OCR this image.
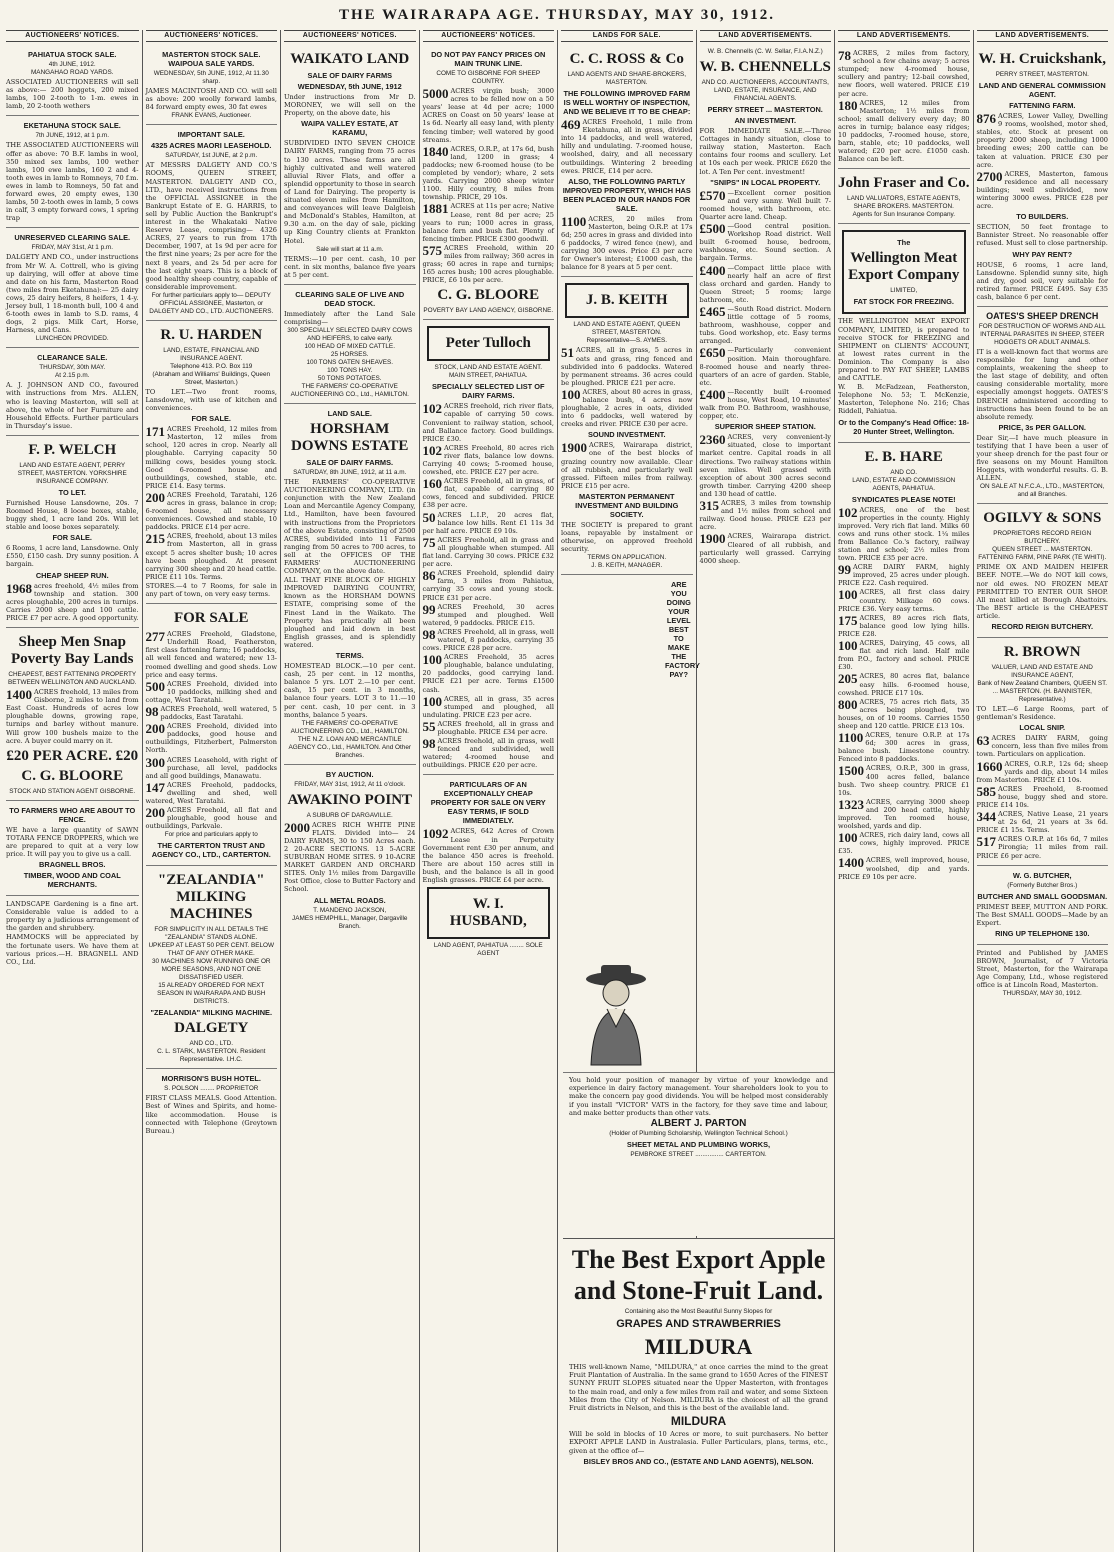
THE WAIRARAPA AGE. THURSDAY, MAY 30, 1912.
AUCTIONEERS' NOTICES.
PAHIATUA STOCK SALE.
4th JUNE, 1912.
MANGAHAO ROAD YARDS.
ASSOCIATED AUCTIONEERS will sell as above:— 200 hoggets, 200 mixed lambs, 100 2-tooth to 1-m. ewes in lamb, 20 2-tooth wethers
EKETAHUNA STOCK SALE.
7th JUNE, 1912, at 1 p.m.
THE ASSOCIATED AUCTIONEERS will offer as above: 70 B.F. lambs in wool, 350 mixed sex lambs, 100 wether lambs, 100 ewe lambs, 160 2 and 4-tooth ewes in lamb to Romneys, 70 f.m. ewes in lamb to Romneys, 50 fat and forward ewes, 20 empty ewes, 130 lambs, 50 2-tooth ewes in lamb, 5 cows in calf, 3 empty forward cows, 1 spring trap
UNRESERVED CLEARING SALE.
FRIDAY, MAY 31st, At 1 p.m.
DALGETY AND CO., under instructions from Mr W. A. Cottrell, who is giving up dairying, will offer at above time and date on his farm, Masterton Road (two miles from Eketahuna):— 25 dairy cows, 25 dairy heifers, 8 heifers, 1 4-y. Jersey bull, 1 18-month bull, 100 4 and 6-tooth ewes in lamb to S.D. rams, 4 dogs, 2 pigs. Milk Cart, Horse, Harness, and Cans.
LUNCHEON PROVIDED.
CLEARANCE SALE.
THURSDAY, 30th MAY.
At 2.15 p.m.
A. J. JOHNSON AND CO., favoured with instructions from Mrs. ALLEN, who is leaving Masterton, will sell at above, the whole of her Furniture and Household Effects. Further particulars in Thursday's issue.
F. P. WELCH
LAND AND ESTATE AGENT, PERRY STREET, MASTERTON. YORKSHIRE INSURANCE COMPANY.
TO LET.
Furnished House Lansdowne, 20s. 7 Roomed House, 8 loose boxes, stable, buggy shed, 1 acre land 20s. Will let stable and loose boxes separately.
FOR SALE.
6 Rooms, 1 acre land, Lansdowne. Only £550, £150 cash. Dry sunny position. A bargain.
CHEAP SHEEP RUN.
1968 acres freehold, 4½ miles from township and station. 300 acres ploughable, 200 acres in turnips. Carries 2000 sheep and 100 cattle. PRICE £7 per acre. A good opportunity.
Sheep Men Snap Poverty Bay Lands
CHEAPEST, BEST FATTENING PROPERTY BETWEEN WELLINGTON AND AUCKLAND.
1400 ACRES freehold, 13 miles from Gisborne, 2 miles to land from East Coast. Hundreds of acres low ploughable downs, growing rape, turnips and barley without manure. Will grow 100 bushels maize to the acre. A buyer could marry on it.
£20 PER ACRE. £20
C. G. BLOORE
STOCK AND STATION AGENT GISBORNE.
TO FARMERS WHO ARE ABOUT TO FENCE.
WE have a large quantity of SAWN TOTARA FENCE DROPPERS, which we are prepared to quit at a very low price. It will pay you to give us a call.
BRAGNELL BROS.
TIMBER, WOOD AND COAL MERCHANTS.
LANDSCAPE Gardening is a fine art. Considerable value is added to a property by a judicious arrangement of the garden and shrubbery.
HAMMOCKS will be appreciated by the fortunate users. We have them at various prices.—H. BRAGNELL AND CO., Ltd.
AUCTIONEERS' NOTICES.
MASTERTON STOCK SALE. WAIPOUA SALE YARDS.
WEDNESDAY, 5th JUNE, 1912, At 11.30 sharp.
JAMES MACINTOSH AND CO. will sell as above: 200 woolly forward lambs, 84 forward empty ewes, 30 fat ewes
FRANK EVANS, Auctioneer.
IMPORTANT SALE.
4325 ACRES MAORI LEASEHOLD.
SATURDAY, 1st JUNE, at 2 p.m.
AT MESSRS DALGETY AND CO.'S ROOMS, QUEEN STREET, MASTERTON. DALGETY AND CO., LTD., have received instructions from the OFFICIAL ASSIGNEE in the Bankrupt Estate of E. G. HARRIS, to sell by Public Auction the Bankrupt's interest in the Whakataki Native Reserve Lease, comprising— 4326 ACRES, 27 years to run from 17th December, 1907, at 1s 9d per acre for the first nine years; 2s per acre for the next 8 years, and 2s 5d per acre for the last eight years. This is a block of good healthy sheep country, capable of considerable improvement.
For further particulars apply to— DEPUTY OFFICIAL ASSIGNEE, Masterton, or DALGETY AND CO., LTD. AUCTIONEERS.
R. U. HARDEN
LAND, ESTATE, FINANCIAL AND INSURANCE AGENT.
Telephone 413. P.O. Box 119
(Abraham and Williams' Buildings, Queen Street, Masterton.)
TO LET.—Two front rooms, Lansdowne, with use of kitchen and conveniences.
FOR SALE.
171 ACRES Freehold, 12 miles from Masterton, 12 miles from school, 120 acres in crop. Nearly all ploughable. Carrying capacity 50 milking cows, besides young stock. Good 6-roomed house and outbuildings, cowshed, stable, etc. PRICE £14. Easy terms.
200 ACRES Freehold, Taratahi, 126 acres in grass, balance in crop; 6-roomed house, all necessary conveniences. Cowshed and stable, 10 paddocks. PRICE £14 per acre.
215 ACRES, freehold, about 13 miles from Masterton, all in grass except 5 acres shelter bush; 10 acres have been ploughed. At present carrying 300 sheep and 20 head cattle. PRICE £11 10s. Terms.
STORES.—4 to 7 Rooms, for sale in any part of town, on very easy terms.
FOR SALE
277 ACRES Freehold, Gladstone, Underhill Road, Featherston, first class fattening farm; 16 paddocks, all well fenced and watered; new 13-roomed dwelling and good sheds. Low price and easy terms.
500 ACRES Freehold, divided into 10 paddocks, milking shed and cottage, West Taratahi.
98 ACRES Freehold, well watered, 5 paddocks, East Taratahi.
200 ACRES Freehold, divided into paddocks, good house and outbuildings, Fitzherbert, Palmerston North.
300 ACRES Leasehold, with right of purchase, all level, paddocks and all good buildings, Manawatu.
147 ACRES Freehold, paddocks, dwelling and shed, well watered, West Taratahi.
200 ACRES Freehold, all flat and ploughable, good house and outbuildings, Parkvale.
For price and particulars apply to
THE CARTERTON TRUST AND AGENCY CO., LTD., CARTERTON.
"ZEALANDIA" MILKING MACHINES
FOR SIMPLICITY IN ALL DETAILS THE "ZEALANDIA" STANDS ALONE.
UPKEEP AT LEAST 50 PER CENT. BELOW THAT OF ANY OTHER MAKE.
30 MACHINES NOW RUNNING ONE OR MORE SEASONS, AND NOT ONE DISSATISFIED USER.
15 ALREADY ORDERED FOR NEXT SEASON IN WAIRARAPA AND BUSH DISTRICTS.
"ZEALANDIA" MILKING MACHINE.
DALGETY
AND CO., LTD.
C. L. STARK, MASTERTON. Resident Representative. I.H.C.
MORRISON'S BUSH HOTEL.
S. POLSON ........ PROPRIETOR
FIRST CLASS MEALS. Good Attention. Best of Wines and Spirits, and home-like accommodation. House is connected with Telephone (Greytown Bureau.)
AUCTIONEERS' NOTICES.
WAIKATO LAND
SALE OF DAIRY FARMS
WEDNESDAY, 5th JUNE, 1912
Under instructions from Mr D. MORONEY, we will sell on the Property, on the above date, his
WAIPA VALLEY ESTATE, AT KARAMU,
SUBDIVIDED INTO SEVEN CHOICE DAIRY FARMS, ranging from 75 acres to 130 acres. These farms are all highly cultivated and well watered alluvial River Flats, and offer a splendid opportunity to those in search of Land for Dairying. The property is situated eleven miles from Hamilton, and conveyances will leave Dalgleish and McDonald's Stables, Hamilton, at 9.30 a.m. on the day of sale, picking up King Country clients at Frankton Hotel.
Sale will start at 11 a.m.
TERMS:—10 per cent. cash, 10 per cent. in six months, balance five years at 5 per cent.
CLEARING SALE OF LIVE AND DEAD STOCK.
Immediately after the Land Sale comprising—
300 SPECIALLY SELECTED DAIRY COWS AND HEIFERS, to calve early.
100 HEAD OF MIXED CATTLE.
25 HORSES.
100 TONS OATEN SHEAVES.
100 TONS HAY.
50 TONS POTATOES.
THE FARMERS' CO-OPERATIVE AUCTIONEERING CO., Ltd., HAMILTON.
LAND SALE.
HORSHAM DOWNS ESTATE
SALE OF DAIRY FARMS.
SATURDAY, 8th JUNE, 1912, at 11 a.m.
THE FARMERS' CO-OPERATIVE AUCTIONEERING COMPANY, LTD. (in conjunction with the New Zealand Loan and Mercantile Agency Company, Ltd., Hamilton, have been favoured with instructions from the Proprietors of the above Estate, consisting of 2500 ACRES, subdivided into 11 Farms ranging from 50 acres to 700 acres, to sell at the OFFICES OF THE FARMERS' AUCTIONEERING COMPANY, on the above date.
ALL THAT FINE BLOCK OF HIGHLY IMPROVED DAIRYING COUNTRY, known as the HORSHAM DOWNS ESTATE, comprising some of the Finest Land in the Waikato. The Property has practically all been ploughed and laid down in best English grasses, and is splendidly watered.
TERMS.
HOMESTEAD BLOCK.—10 per cent. cash, 25 per cent. in 12 months, balance 5 yrs. LOT 2.—10 per cent. cash, 15 per cent. in 3 months, balance four years. LOT 3 to 11.—10 per cent. cash, 10 per cent. in 3 months, balance 5 years.
THE FARMERS' CO-OPERATIVE AUCTIONEERING CO., Ltd., HAMILTON. THE N.Z. LOAN AND MERCANTILE AGENCY CO., Ltd., HAMILTON. And Other Branches.
BY AUCTION.
FRIDAY, MAY 31st, 1912, At 11 o'clock.
AWAKINO POINT
A SUBURB OF DARGAVILLE.
2000 ACRES RICH WHITE PINE FLATS. Divided into— 24 DAIRY FARMS, 30 to 150 Acres each. 2 20-ACRE SECTIONS. 13 5-ACRE SUBURBAN HOME SITES. 9 10-ACRE MARKET GARDEN AND ORCHARD SITES. Only 1½ miles from Dargaville Post Office, close to Butter Factory and School.
ALL METAL ROADS.
T. MANDENO JACKSON,
JAMES HEMPHILL, Manager, Dargaville Branch.
AUCTIONEERS' NOTICES.
DO NOT PAY FANCY PRICES ON MAIN TRUNK LINE.
COME TO GISBORNE FOR SHEEP COUNTRY.
5000 ACRES virgin bush; 3000 acres to be felled now on a 50 years' lease at 4d per acre; 1000 ACRES on Coast on 50 years' lease at 1s 6d. Nearly all easy land, with plenty fencing timber; well watered by good streams.
1840 ACRES, O.R.P., at 17s 6d, bush land, 1200 in grass; 4 paddocks; new 6-roomed house (to be completed by vendor); whare, 2 sets yards. Carrying 2000 sheep winter 1100. Hilly country, 8 miles from township. PRICE, 29 10s.
1881 ACRES at 11s per acre; Native Lease, rent 8d per acre; 25 years to run; 1000 acres in grass, balance fern and bush flat. Plenty of fencing timber. PRICE £300 goodwill.
575 ACRES Freehold, within 20 miles from railway; 360 acres in grass; 60 acres in rape and turnips; 165 acres bush; 100 acres ploughable. PRICE, £6 10s per acre.
C. G. BLOORE
POVERTY BAY LAND AGENCY, GISBORNE.
Peter Tulloch
STOCK, LAND AND ESTATE AGENT.
MAIN STREET, PAHIATUA.
SPECIALLY SELECTED LIST OF DAIRY FARMS.
102 ACRES freehold, rich river flats, capable of carrying 50 cows. Convenient to railway station, school, and Ballance factory. Good buildings. PRICE £30.
102 ACRES Freehold, 80 acres rich river flats, balance low downs. Carrying 40 cows; 5-roomed house, cowshed, etc. PRICE £27 per acre.
160 ACRES Freehold, all in grass, of flat, capable of carrying 80 cows, fenced and subdivided. PRICE £38 per acre.
50 ACRES L.I.P., 20 acres flat, balance low hills. Rent £1 11s 3d per half acre. PRICE £9 10s.
75 ACRES Freehold, all in grass and all ploughable when stumped. All flat land. Carrying 30 cows. PRICE £32 per acre.
86 ACRES Freehold, splendid dairy farm, 3 miles from Pahiatua, carrying 35 cows and young stock. PRICE £31 per acre.
99 ACRES Freehold, 30 acres stumped and ploughed. Well watered, 9 paddocks. PRICE £15.
98 ACRES Freehold, all in grass, well watered, 8 paddocks, carrying 35 cows. PRICE £28 per acre.
100 ACRES Freehold, 35 acres ploughable, balance undulating, 20 paddocks, good carrying land. PRICE £21 per acre. Terms £1500 cash.
100 ACRES, all in grass, 35 acres stumped and ploughed, all undulating. PRICE £23 per acre.
55 ACRES freehold, all in grass and ploughable. PRICE £34 per acre.
98 ACRES freehold, all in grass, well fenced and subdivided, well watered; 4-roomed house and outbuildings. PRICE £20 per acre.
PARTICULARS OF AN EXCEPTIONALLY CHEAP PROPERTY FOR SALE ON VERY EASY TERMS, IF SOLD IMMEDIATELY.
1092 ACRES, 642 Acres of Crown Lease in Perpetuity Government rent £30 per annum, and the balance 450 acres is freehold. There are about 150 acres still in bush, and the balance is all in good English grasses. PRICE £4 per acre.
W. I. HUSBAND,
LAND AGENT, PAHIATUA ........ SOLE AGENT
LANDS FOR SALE.
C. C. ROSS & Co
LAND AGENTS AND SHARE-BROKERS, MASTERTON.
THE FOLLOWING IMPROVED FARM IS WELL WORTHY OF INSPECTION, AND WE BELIEVE IT TO BE CHEAP:
469 ACRES Freehold, 1 mile from Eketahuna, all in grass, divided into 14 paddocks, and well watered, hilly and undulating. 7-roomed house, woolshed, dairy, and all necessary outbuildings. Wintering 2 breeding ewes. PRICE, £14 per acre.
ALSO, THE FOLLOWING PARTLY IMPROVED PROPERTY, WHICH HAS BEEN PLACED IN OUR HANDS FOR SALE.
1100 ACRES, 20 miles from Masterton, being O.R.P. at 17s 6d; 250 acres in grass and divided into 6 paddocks, 7 wired fence (new), and carrying 300 ewes. Price £3 per acre for Owner's interest; £1000 cash, the balance for 8 years at 5 per cent.
J. B. KEITH
LAND AND ESTATE AGENT, QUEEN STREET, MASTERTON.
Representative—S. AYMES.
51 ACRES, all in grass, 5 acres in oats and grass, ring fenced and subdivided into 6 paddocks. Watered by permanent streams. 36 acres could be ploughed. PRICE £21 per acre.
100 ACRES, about 80 acres in grass, balance bush, 4 acres now ploughable, 2 acres in oats, divided into 6 paddocks, well watered by creeks and river. PRICE £30 per acre.
SOUND INVESTMENT.
1900 ACRES, Wairarapa district, one of the best blocks of grazing country now available. Clear of all rubbish, and particularly well grassed. Fifteen miles from railway. PRICE £15 per acre.
MASTERTON PERMANENT INVESTMENT AND BUILDING SOCIETY.
THE SOCIETY is prepared to grant loans, repayable by instalment or otherwise, on approved freehold security.
TERMS ON APPLICATION.
J. B. KEITH, MANAGER.
ARE YOU DOING YOUR LEVEL BEST TO MAKE THE FACTORY PAY?
LAND ADVERTISEMENTS.
W. B. Chennells (C. W. Sellar, F.I.A.N.Z.)
W. B. CHENNELLS
AND CO. AUCTIONEERS, ACCOUNTANTS, LAND, ESTATE, INSURANCE, AND FINANCIAL AGENTS.
PERRY STREET ... MASTERTON.
AN INVESTMENT.
FOR IMMEDIATE SALE.—Three Cottages in handy situation, close to railway station, Masterton. Each contains four rooms and scullery. Let at 10s each per week. PRICE £620 the lot. A Ten Per cent. investment!
"SNIPS" IN LOCAL PROPERTY.
£570 —Excellent corner position and very sunny. Well built 7-roomed house, with bathroom, etc. Quarter acre land. Cheap.
£500 —Good central position. Workshop Road district. Well built 6-roomed house, bedroom, washhouse, etc. Sound section. A bargain. Terms.
£400 —Compact little place with nearly half an acre of first class orchard and garden. Handy to Queen Street; 5 rooms; large bathroom, etc.
£465 —South Road district. Modern little cottage of 5 rooms, bathroom, washhouse, copper and tubs. Good workshop, etc. Easy terms arranged.
£650 —Particularly convenient position. Main thoroughfare. 8-roomed house and nearly three-quarters of an acre of garden. Stable, etc.
£400 —Recently built 4-roomed house, West Road, 10 minutes' walk from P.O. Bathroom, washhouse, copper, etc.
SUPERIOR SHEEP STATION.
2360 ACRES, very convenient-ly situated, close to important market centre. Capital roads in all directions. Two railway stations within seven miles. Well grassed with exception of about 300 acres second growth timber. Carrying 4200 sheep and 130 head of cattle.
315 ACRES, 3 miles from township and 1½ miles from school and railway. Good house. PRICE £23 per acre.
1900 ACRES, Wairarapa district. Cleared of all rubbish, and particularly well grassed. Carrying 4000 sheep.
LAND ADVERTISEMENTS.
78 ACRES, 2 miles from factory, school a few chains away; 5 acres stumped; new 4-roomed house, scullery and pantry; 12-bail cowshed, new floors, well watered. PRICE £19 per acre.
180 ACRES, 12 miles from Masterton; 1½ miles from school; small delivery every day; 80 acres in turnip; balance easy ridges; 10 paddocks, 7-roomed house, store, barn, stable, etc; 10 paddocks, well watered; £20 per acre. £1050 cash. Balance can be left.
John Fraser and Co.
LAND VALUATORS, ESTATE AGENTS, SHARE BROKERS. MASTERTON.
Agents for Sun Insurance Company.
The
Wellington Meat Export Company
LIMITED,
FAT STOCK FOR FREEZING.
THE WELLINGTON MEAT EXPORT COMPANY, LIMITED, is prepared to receive STOCK for FREEZING and SHIPMENT on CLIENTS' ACCOUNT, at lowest rates current in the Dominion. The Company is also prepared to PAY FAT SHEEP, LAMBS and CATTLE.
W. B. McFadzean, Featherston, Telephone No. 53; T. McKenzie, Masterton, Telephone No. 216; Chas Riddell, Pahiatua.
Or to the Company's Head Office: 18-20 Hunter Street, Wellington.
E. B. HARE
AND CO.
LAND, ESTATE AND COMMISSION AGENTS, PAHIATUA.
SYNDICATES PLEASE NOTE!
102 ACRES, one of the best properties in the county. Highly improved. Very rich flat land. Milks 60 cows and runs other stock. 1¼ miles from Ballance Co.'s factory, railway station and school; 2½ miles from town. PRICE £35 per acre.
99 ACRE DAIRY FARM, highly improved, 25 acres under plough. PRICE £22. Cash required.
100 ACRES, all first class dairy country. Milkage 60 cows. PRICE £36. Very easy terms.
175 ACRES, 89 acres rich flats, balance good low lying hills. PRICE £28.
100 ACRES, Dairying, 45 cows, all flat and rich land. Half mile from P.O., factory and school. PRICE £30.
205 ACRES, 80 acres flat, balance easy hills. 6-roomed house, cowshed. PRICE £17 10s.
800 ACRES, 75 acres rich flats, 35 acres being ploughed, two houses, on of 10 rooms. Carries 1550 sheep and 120 cattle. PRICE £13 10s.
1100 ACRES, tenure O.R.P. at 17s 6d; 300 acres in grass, balance bush. Limestone country. Fenced into 8 paddocks.
1500 ACRES, O.R.P., 300 in grass, 400 acres felled, balance bush. Two sheep country. PRICE £1 10s.
1323 ACRES, carrying 3000 sheep and 200 head cattle, highly improved. Ten roomed house, woolshed, yards and dip.
100 ACRES, rich dairy land, cows all cows, highly improved. PRICE £35.
1400 ACRES, well improved, house, woolshed, dip and yards. PRICE £9 10s per acre.
LAND ADVERTISEMENTS.
W. H. Cruickshank,
PERRY STREET, MASTERTON.
LAND AND GENERAL COMMISSION AGENT.
FATTENING FARM.
876 ACRES, Lower Valley, Dwelling 9 rooms, woolshed, motor shed, stables, etc. Stock at present on property 2000 sheep, including 1000 breeding ewes; 200 cattle can be taken at valuation. PRICE £30 per acre.
2700 ACRES, Masterton, famous residence and all necessary buildings; well subdivided, now wintering 3000 ewes. PRICE £28 per acre.
TO BUILDERS.
SECTION, 50 feet frontage to Bannister Street. No reasonable offer refused. Must sell to close partnership.
WHY PAY RENT?
HOUSE, 6 rooms, 1 acre land, Lansdowne. Splendid sunny site, high and dry, good soil, very suitable for retired farmer. PRICE £495. Say £35 cash, balance 6 per cent.
OATES'S SHEEP DRENCH
FOR DESTRUCTION OF WORMS AND ALL INTERNAL PARASITES IN SHEEP, STEER HOGGETS OR ADULT ANIMALS.
IT is a well-known fact that worms are responsible for lung and other complaints, weakening the sheep to the last stage of debility, and often causing considerable mortality, more especially amongst hoggets. OATES'S DRENCH administered according to instructions has been found to be an absolute remedy.
PRICE, 3s PER GALLON.
Dear Sir,—I have much pleasure in testifying that I have been a user of your sheep drench for the past four or five seasons on my Mount Hamilton Hoggets, with wonderful results. G. B. ALLEN.
ON SALE AT N.F.C.A., LTD., MASTERTON, and all Branches.
OGILVY & SONS
PROPRIETORS RECORD REIGN BUTCHERY.
QUEEN STREET ... MASTERTON. FATTENING FARM, PINE PARK (TE WHITI).
PRIME OX AND MAIDEN HEIFER BEEF. NOTE.—We do NOT kill cows, nor old ewes. NO FROZEN MEAT PERMITTED TO ENTER OUR SHOP. All meat killed at Borough Abattoirs. The BEST article is the CHEAPEST article.
RECORD REIGN BUTCHERY.
R. BROWN
VALUER, LAND AND ESTATE AND INSURANCE AGENT,
Bank of New Zealand Chambers, QUEEN ST. ... MASTERTON. (H. BANNISTER, Representative.)
TO LET.—6 Large Rooms, part of gentleman's Residence.
LOCAL SNIP.
63 ACRES DAIRY FARM, going concern, less than five miles from town. Particulars on application.
1660 ACRES, O.R.P., 12s 6d; sheep yards and dip, about 14 miles from Masterton. PRICE £1 10s.
585 ACRES Freehold, 8-roomed house, buggy shed and store. PRICE £14 10s.
344 ACRES, Native Lease, 21 years at 2s 6d, 21 years at 3s 6d. PRICE £1 15s. Terms.
517 ACRES O.R.P. at 16s 6d, 7 miles Pirongia; 11 miles from rail. PRICE £6 per acre.
W. G. BUTCHER,
(Formerly Butcher Bros.)
BUTCHER AND SMALL GOODSMAN.
PRIMEST BEEF, MUTTON AND PORK. The Best SMALL GOODS—Made by an Expert.
RING UP TELEPHONE 130.
Printed and Published by JAMES BROWN, Journalist, of 7 Victoria Street, Masterton, for the Wairarapa Age Company, Ltd., whose registered office is at Lincoln Road, Masterton.
THURSDAY, MAY 30, 1912.
You hold your position of manager by virtue of your knowledge and experience in dairy factory management. Your shareholders look to you to make the concern pay good dividends. You will be helped most considerably if you install "VICTOR" VATS in the factory, for they save time and labour, and make better products than other vats.
ALBERT J. PARTON
(Holder of Plumbing Scholarship, Wellington Technical School.)
SHEET METAL AND PLUMBING WORKS,
PEMBROKE STREET ................ CARTERTON.
The Best Export Apple
and Stone-Fruit Land.
Containing also the Most Beautiful Sunny Slopes for
GRAPES AND STRAWBERRIES
MILDURA
THIS well-known Name, "MILDURA," at once carries the mind to the great Fruit Plantation of Australia. In the same grand to 1650 Acres of the FINEST SUNNY FRUIT SLOPES situated near the Upper Masterton, with frontages to the main road, and only a few miles from rail and water, and some Sixteen Miles from the City of Nelson. MILDURA is the choicest of all the grand Fruit districts in Nelson, and this is the best of the available land.
MILDURA
Will be sold in blocks of 10 Acres or more, to suit purchasers. No better EXPORT APPLE LAND in Australasia. Fuller Particulars, plans, terms, etc., given at the office of—
BISLEY BROS AND CO., (ESTATE AND LAND AGENTS), NELSON.
